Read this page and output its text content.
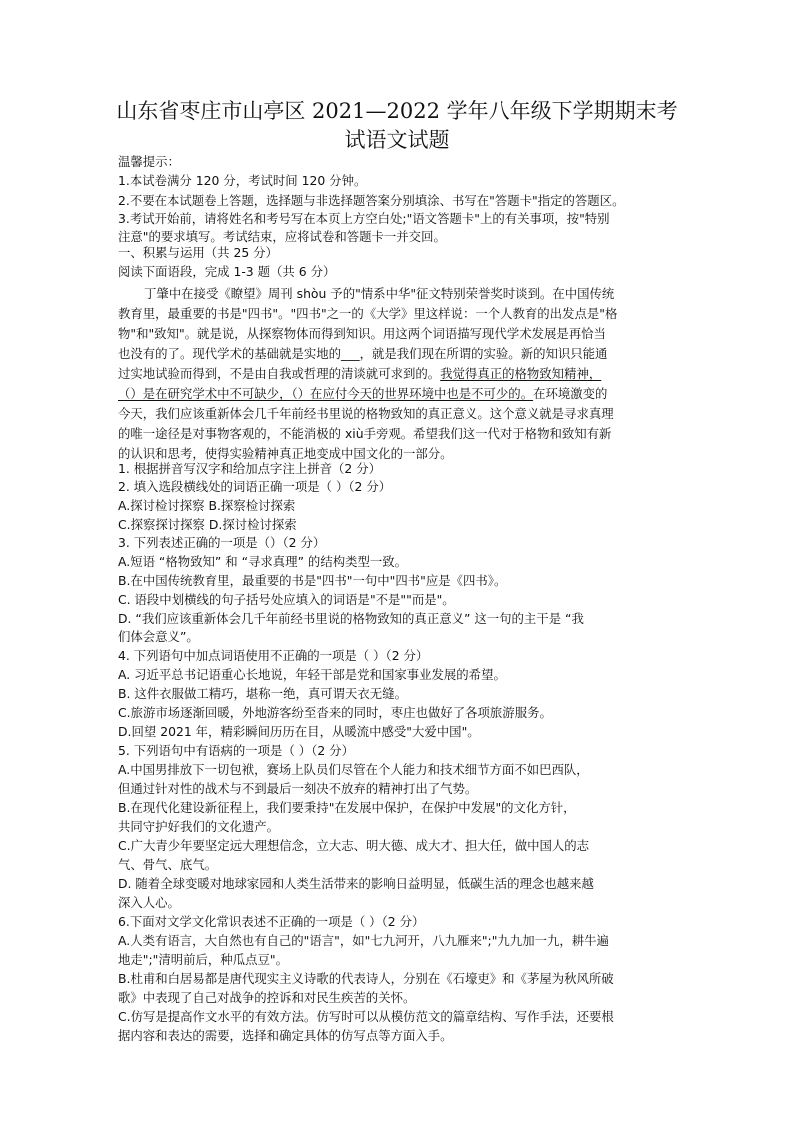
山东省枣庄市山亭区 2021—2022 学年八年级下学期期末考
试语文试题
温馨提示：
1.本试卷满分 120 分，考试时间 120 分钟。
2.不要在本试题卷上答题，选择题与非选择题答案分别填涂、书写在"答题卡"指定的答题区。
3.考试开始前，请将姓名和考号写在本页上方空白处;"语文答题卡"上的有关事项，按"特别
注意"的要求填写。考试结束，应将试卷和答题卡一并交回。
一、积累与运用（共 25 分）
阅读下面语段，完成 1-3 题（共 6 分）
丁肇中在接受《瞭望》周刊 shòu 予的"情系中华"征文特别荣誉奖时谈到。在中国传统
教育里，最重要的书是"四书"。"四书"之一的《大学》里这样说：一个人教育的出发点是"格
物"和"致知"。就是说，从探察物体而得到知识。用这两个词语描写现代学术发展是再恰当
也没有的了。现代学术的基础就是实地的___，就是我们现在所谓的实验。新的知识只能通
过实地试验而得到，不是由自我或哲理的清谈就可求到的。我觉得真正的格物致知精神，
（）是在研究学术中不可缺少，（）在应付今天的世界环境中也是不可少的。在环境激变的
今天，我们应该重新体会几千年前经书里说的格物致知的真正意义。这个意义就是寻求真理
的唯一途径是对事物客观的，不能消极的 xiù手旁观。希望我们这一代对于格物和致知有新
的认识和思考，使得实验精神真正地变成中国文化的一部分。
1. 根据拼音写汉字和给加点字注上拼音（2 分）
2. 填入选段横线处的词语正确一项是（ ）（2 分）
A.探讨检讨探察 B.探察检讨探索
C.探察探讨探察 D.探讨检讨探索
3. 下列表述正确的一项是（）（2 分）
A.短语 “格物致知” 和 “寻求真理” 的结构类型一致。
B.在中国传统教育里，最重要的书是"四书"一句中"四书"应是《四书》。
C. 语段中划横线的句子括号处应填入的词语是"不是""而是"。
D. “我们应该重新体会几千年前经书里说的格物致知的真正意义” 这一句的主干是 “我
们体会意义”。
4. 下列语句中加点词语使用不正确的一项是（ ）（2 分）
A. 习近平总书记语重心长地说，年轻干部是党和国家事业发展的希望。
B. 这件衣服做工精巧，堪称一绝，真可谓天衣无缝。
C.旅游市场逐渐回暖，外地游客纷至沓来的同时，枣庄也做好了各项旅游服务。
D.回望 2021 年，精彩瞬间历历在目，从暖流中感受"大爱中国"。
5. 下列语句中有语病的一项是（ ）（2 分）
A.中国男排放下一切包袱，赛场上队员们尽管在个人能力和技术细节方面不如巴西队，
但通过针对性的战术与不到最后一刻决不放弃的精神打出了气势。
B.在现代化建设新征程上，我们要秉持"在发展中保护，在保护中发展"的文化方针，
共同守护好我们的文化遗产。
C.广大青少年要坚定远大理想信念，立大志、明大德、成大才、担大任，做中国人的志
气、骨气、底气。
D. 随着全球变暖对地球家园和人类生活带来的影响日益明显，低碳生活的理念也越来越
深入人心。
6.下面对文学文化常识表述不正确的一项是（ ）（2 分）
A.人类有语言，大自然也有自己的"语言"，如"七九河开，八九雁来";"九九加一九，耕牛遍
地走";"清明前后，种瓜点豆"。
B.杜甫和白居易都是唐代现实主义诗歌的代表诗人，分别在《石壕吏》和《茅屋为秋风所破
歌》中表现了自己对战争的控诉和对民生疾苦的关怀。
C.仿写是提高作文水平的有效方法。仿写时可以从模仿范文的篇章结构、写作手法，还要根
据内容和表达的需要，选择和确定具体的仿写点等方面入手。
